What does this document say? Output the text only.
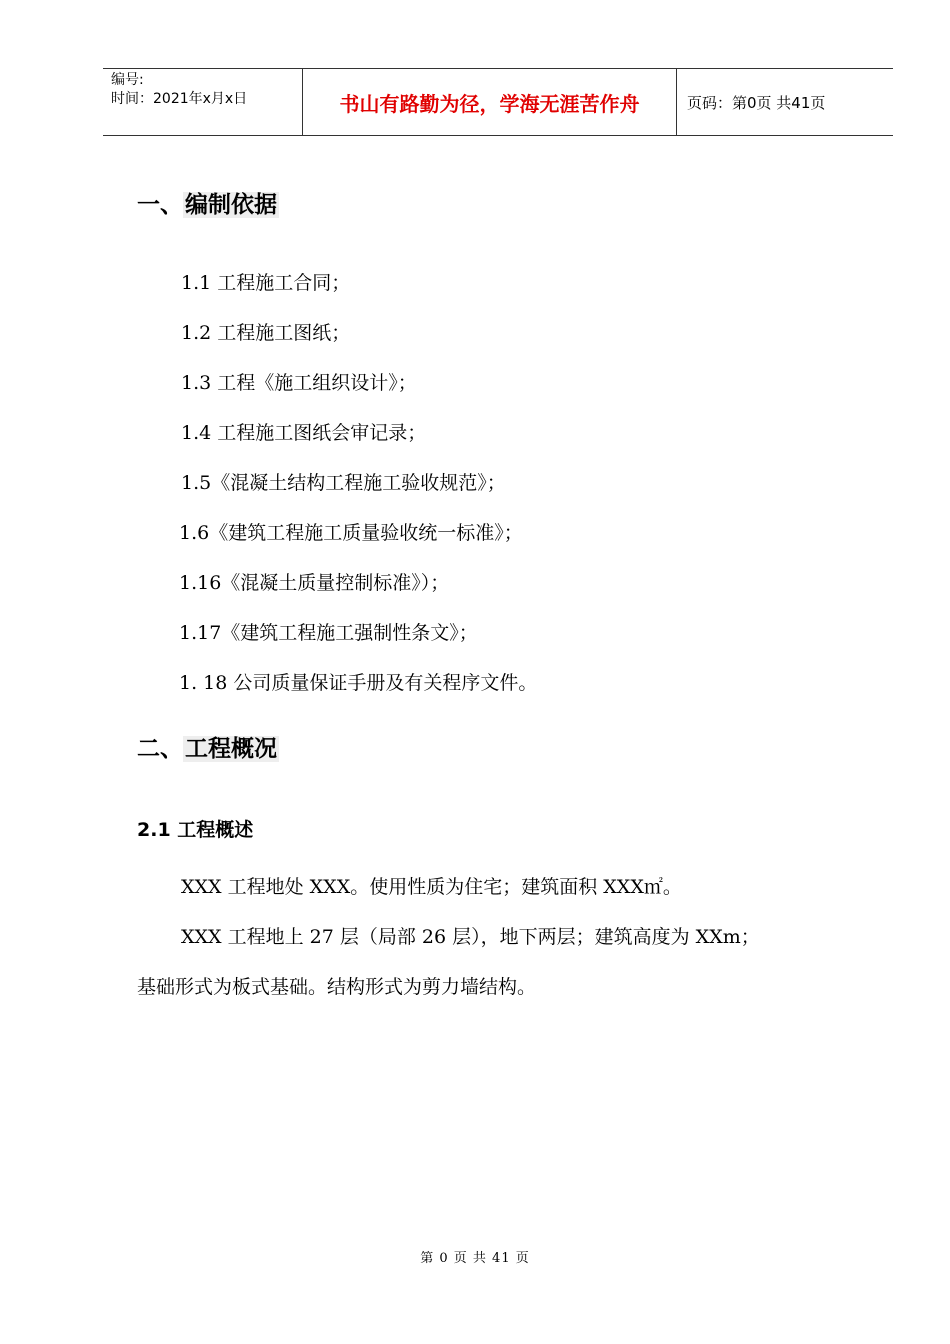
编号:
时间：2021年x月x日	书山有路勤为径，学海无涯苦作舟	页码：第0页 共41页
一、编制依据
1.1 工程施工合同；
1.2 工程施工图纸；
1.3 工程《施工组织设计》；
1.4 工程施工图纸会审记录；
1.5《混凝土结构工程施工验收规范》；
1.6《建筑工程施工质量验收统一标准》；
1.16《混凝土质量控制标准》）；
1.17《建筑工程施工强制性条文》；
1. 18 公司质量保证手册及有关程序文件。
二、工程概况
2.1 工程概述
XXX 工程地处 XXX。使用性质为住宅；建筑面积 XXX㎡。
XXX 工程地上 27 层（局部 26 层），地下两层；建筑高度为 XXm；
基础形式为板式基础。结构形式为剪力墙结构。
第 0 页 共 41 页
